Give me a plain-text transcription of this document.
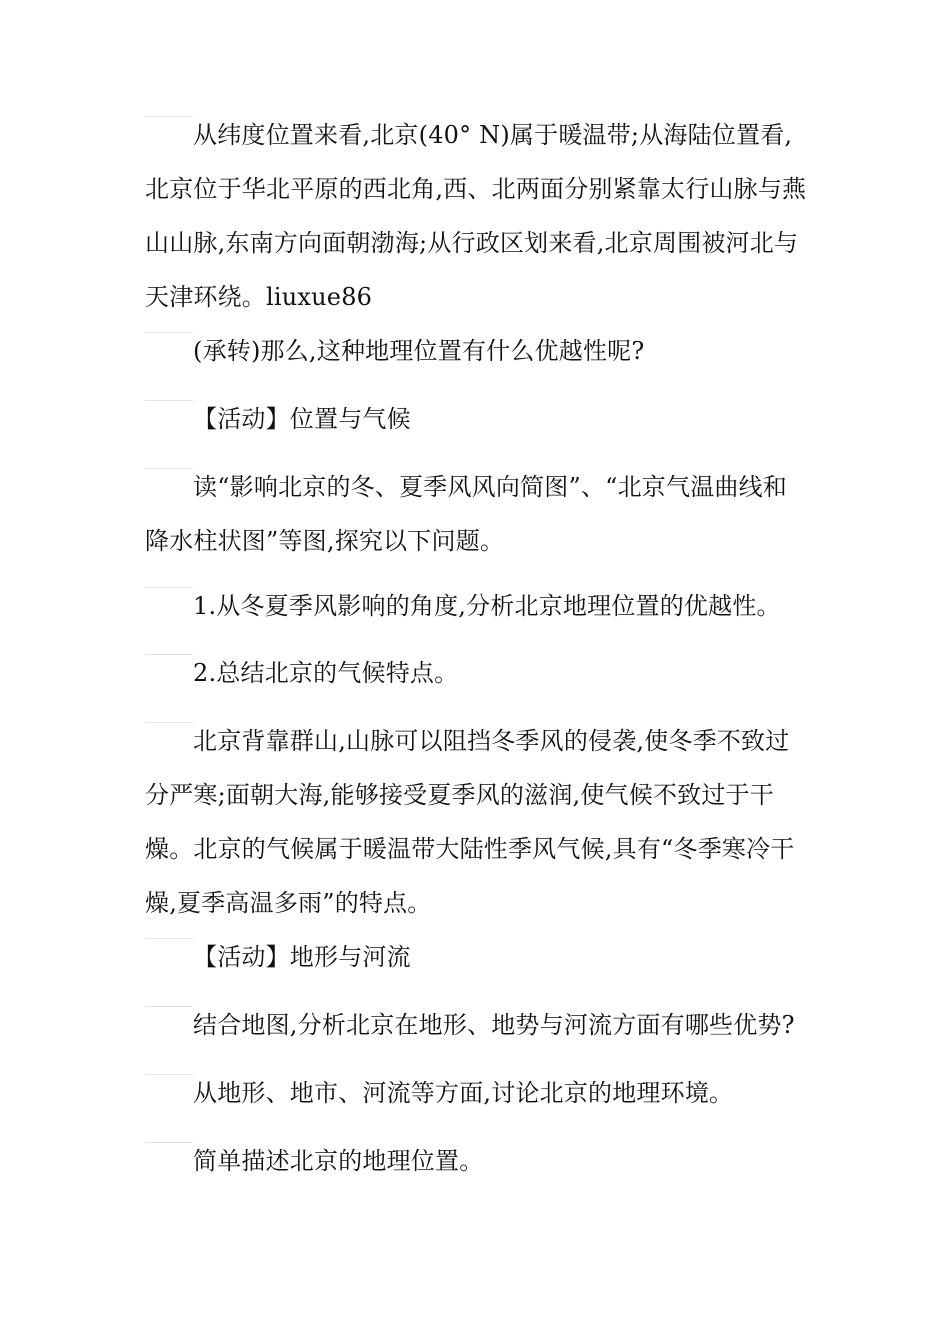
从纬度位置来看,北京(40° N)属于暖温带;从海陆位置看,北京位于华北平原的西北角,西、北两面分别紧靠太行山脉与燕山山脉,东南方向面朝渤海;从行政区划来看,北京周围被河北与天津环绕。liuxue86

(承转)那么,这种地理位置有什么优越性呢?

【活动】位置与气候

读“影响北京的冬、夏季风风向简图”、“北京气温曲线和降水柱状图”等图,探究以下问题。

1.从冬夏季风影响的角度,分析北京地理位置的优越性。

2.总结北京的气候特点。

北京背靠群山,山脉可以阻挡冬季风的侵袭,使冬季不致过分严寒;面朝大海,能够接受夏季风的滋润,使气候不致过于干燥。北京的气候属于暖温带大陆性季风气候,具有“冬季寒冷干燥,夏季高温多雨”的特点。

【活动】地形与河流

结合地图,分析北京在地形、地势与河流方面有哪些优势?

从地形、地市、河流等方面,讨论北京的地理环境。

简单描述北京的地理位置。
